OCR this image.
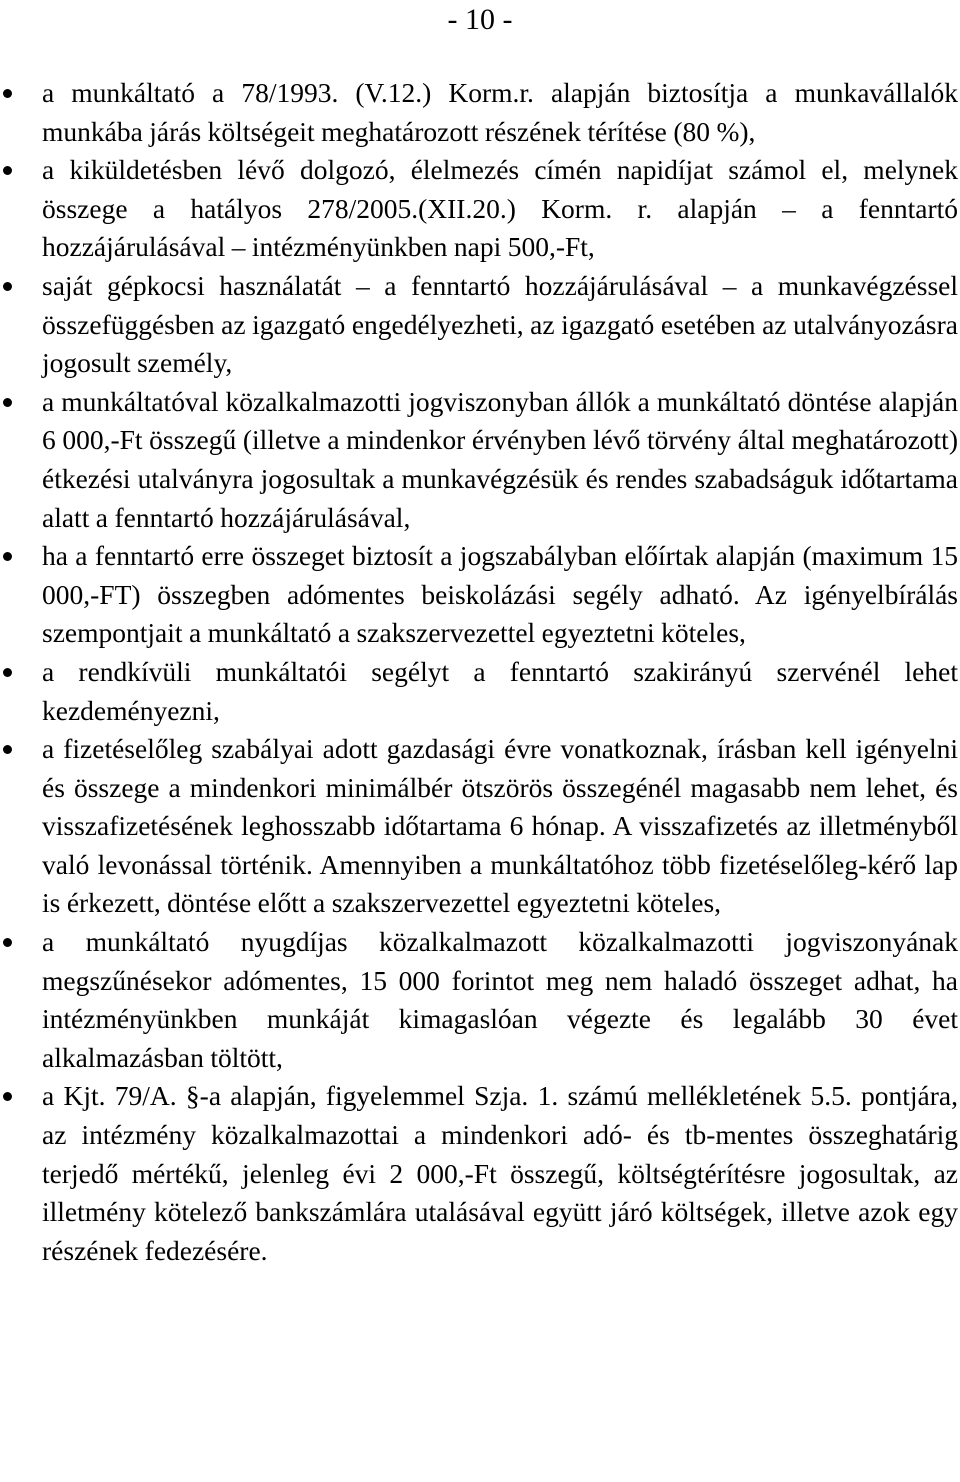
- 10 -
a munkáltató a 78/1993. (V.12.) Korm.r. alapján biztosítja a munkavállalók munkába járás költségeit meghatározott részének térítése (80 %),
a kiküldetésben lévő dolgozó, élelmezés címén napidíjat számol el, melynek összege a hatályos 278/2005.(XII.20.) Korm. r. alapján – a fenntartó hozzájárulásával – intézményünkben napi 500,-Ft,
saját gépkocsi használatát – a fenntartó hozzájárulásával – a munkavégzéssel összefüggésben az igazgató engedélyezheti, az igazgató esetében az utalványozásra jogosult személy,
a munkáltatóval közalkalmazotti jogviszonyban állók a munkáltató döntése alapján 6 000,-Ft összegű (illetve a mindenkor érvényben lévő törvény által meghatározott) étkezési utalványra jogosultak a munkavégzésük és rendes szabadságuk időtartama alatt a fenntartó hozzájárulásával,
ha a fenntartó erre összeget biztosít a jogszabályban előírtak alapján (maximum 15 000,-FT) összegben adómentes beiskolázási segély adható. Az igényelbírálás szempontjait a munkáltató a szakszervezettel egyeztetni köteles,
a rendkívüli munkáltatói segélyt a fenntartó szakirányú szervénél lehet kezdeményezni,
a fizetéselőleg szabályai adott gazdasági évre vonatkoznak, írásban kell igényelni és összege a mindenkori minimálbér ötszörös összegénél magasabb nem lehet, és visszafizetésének leghosszabb időtartama 6 hónap. A visszafizetés az illetményből való levonással történik. Amennyiben a munkáltatóhoz több fizetéselőleg-kérő lap is érkezett, döntése előtt a szakszervezettel egyeztetni köteles,
a munkáltató nyugdíjas közalkalmazott közalkalmazotti jogviszonyának megszűnésekor adómentes, 15 000 forintot meg nem haladó összeget adhat, ha intézményünkben munkáját kimagaslóan végezte és legalább 30 évet alkalmazásban töltött,
a Kjt. 79/A. §-a alapján, figyelemmel Szja. 1. számú mellékletének 5.5. pontjára, az intézmény közalkalmazottai a mindenkori adó- és tb-mentes összeghatárig terjedő mértékű, jelenleg évi 2 000,-Ft összegű, költségtérítésre jogosultak, az illetmény kötelező bankszámlára utalásával együtt járó költségek, illetve azok egy részének fedezésére.
